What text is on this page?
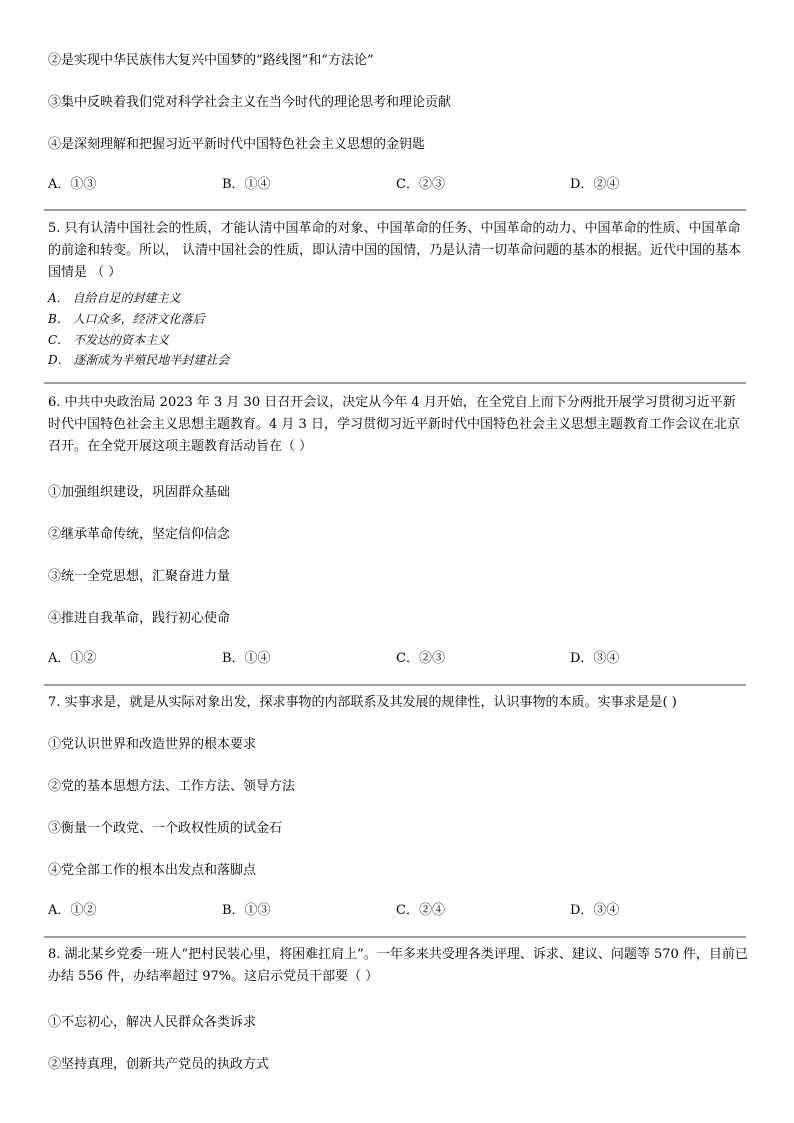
②是实现中华民族伟大复兴中国梦的“路线图”和“方法论”
③集中反映着我们党对科学社会主义在当今时代的理论思考和理论贡献
④是深刻理解和把握习近平新时代中国特色社会主义思想的金钥匙
A．①③	B．①④	C．②③	D．②④
5. 只有认清中国社会的性质，才能认清中国革命的对象、中国革命的任务、中国革命的动力、中国革命的性质、中国革命的前途和转变。所以， 认清中国社会的性质，即认清中国的国情，乃是认清一切革命问题的基本的根据。近代中国的基本国情是 （ ）
A． 自给自足的封建主义
B． 人口众多，经济文化落后
C． 不发达的资本主义
D． 逐渐成为半殖民地半封建社会
6. 中共中央政治局 2023 年 3 月 30 日召开会议，决定从今年 4 月开始，在全党自上而下分两批开展学习贯彻习近平新时代中国特色社会主义思想主题教育。4 月 3 日，学习贯彻习近平新时代中国特色社会主义思想主题教育工作会议在北京召开。在全党开展这项主题教育活动旨在（ ）
①加强组织建设，巩固群众基础
②继承革命传统，坚定信仰信念
③统一全党思想，汇聚奋进力量
④推进自我革命，践行初心使命
A．①②	B．①④	C．②③	D．③④
7. 实事求是，就是从实际对象出发，探求事物的内部联系及其发展的规律性，认识事物的本质。实事求是是( )
①党认识世界和改造世界的根本要求
②党的基本思想方法、工作方法、领导方法
③衡量一个政党、一个政权性质的试金石
④党全部工作的根本出发点和落脚点
A．①②	B．①③	C．②④	D．③④
8. 湖北某乡党委一班人“把村民装心里，将困难扛肩上”。一年多来共受理各类评理、诉求、建议、问题等 570 件，目前已办结 556 件，办结率超过 97%。这启示党员干部要（ ）
①不忘初心，解决人民群众各类诉求
②坚持真理，创新共产党员的执政方式
